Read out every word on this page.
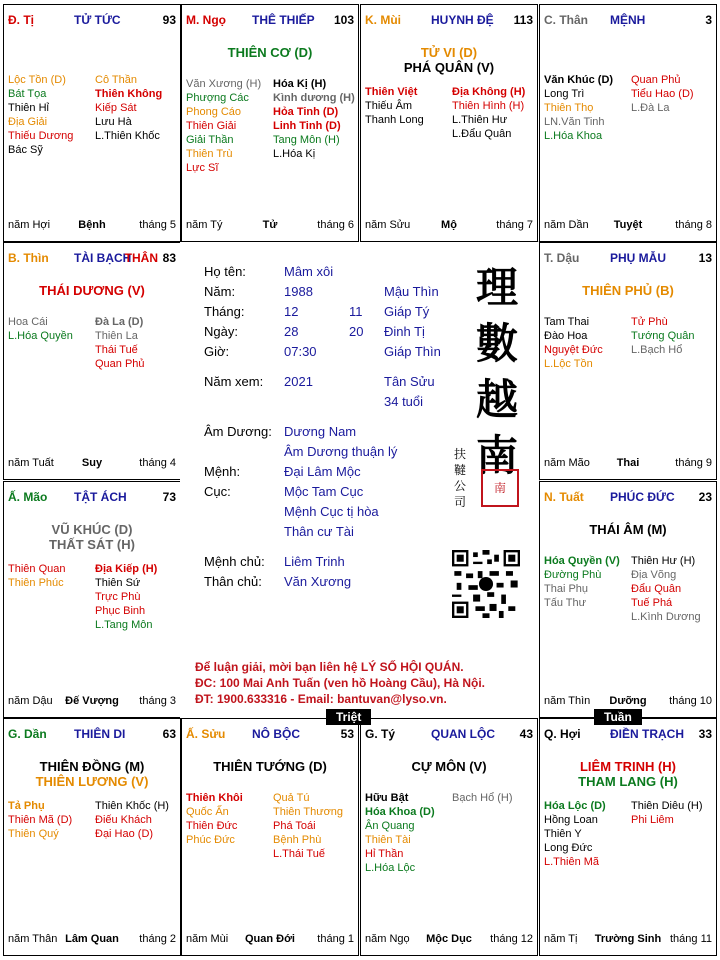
Đ. Tị	TỬ TỨC	93
Lộc Tồn (D)
Bát Tọa
Thiên Hỉ
Địa Giải
Thiếu Dương
Bác Sỹ
Cô Thần
Thiên Không
Kiếp Sát
Lưu Hà
L.Thiên Khốc
năm Hợi	Bệnh	tháng 5
M. Ngọ THÊ THIẾP 103
THIÊN CƠ (D)
Văn Xương (H)
Phượng Các
Phong Cáo
Thiên Giải
Giải Thần
Thiên Trù
Lực Sĩ
Hóa Kị (H)
Kình dương (H)
Hỏa Tinh (D)
Linh Tinh (D)
Tang Môn (H)
L.Hóa Kị
năm Tý	Tử	tháng 6
K. Mùi	HUYNH ĐỆ 113
TỬ VI (D)
PHÁ QUÂN (V)
Thiên Việt
Thiếu Âm
Thanh Long
Địa Không (H)
Thiên Hình (H)
L.Thiên Hư
L.Đẩu Quân
năm Sửu	Mộ	tháng 7
C. Thân MỆNH	3
Văn Khúc (D)
Long Trì
Thiên Thọ
LN.Văn Tinh
L.Hóa Khoa
Quan Phủ
Tiểu Hao (D)
L.Đà La
năm Dần	Tuyệt	tháng 8
T. Dậu	PHỤ MẪU	13
THIÊN PHỦ (B)
Tam Thai
Đào Hoa
Nguyệt Đức
L.Lộc Tồn
Tử Phù
Tướng Quân
L.Bạch Hổ
năm Mão	Thai	tháng 9
N. Tuất PHÚC ĐỨC 23
THÁI ÂM (M)
Hóa Quyền (V)
Đường Phù
Thai Phụ
Tấu Thư
Thiên Hư (H)
Địa Võng
Đẩu Quân
Tuế Phá
L.Kình Dương
năm Thìn	Dưỡng	tháng 10
Q. Hợi ĐIỀN TRẠCH 33
LIÊM TRINH (H)
THAM LANG (H)
Hóa Lộc (D)
Hồng Loan
Thiên Y
Long Đức
L.Thiên Mã
Thiên Diêu (H)
Phi Liêm
năm Tị	Trường Sinh tháng 11
G. Tý	QUAN LỘC 43
CỰ MÔN (V)
Hữu Bật
Hóa Khoa (D)
Ân Quang
Thiên Tài
Hỉ Thần
L.Hóa Lộc
Bạch Hổ (H)
năm Ngọ	Mộc Dục	tháng 12
Ấ. Sửu NÔ BỘC	53
THIÊN TƯỚNG (D)
Thiên Khôi
Quốc Ấn
Thiên Đức
Phúc Đức
Quả Tú
Thiên Thương
Phá Toái
Bệnh Phù
L.Thái Tuế
năm Mùi	Quan Đới	tháng 1
G. Dần THIÊN DI	63
THIÊN ĐỒNG (M)
THIÊN LƯƠNG (V)
Tả Phụ
Thiên Mã (D)
Thiên Quý
Thiên Khốc (H)
Điếu Khách
Đại Hao (D)
năm Thân Lâm Quan	tháng 2
Ấ. Mão TẬT ÁCH	73
VŨ KHÚC (D)
THẤT SÁT (H)
Thiên Quan
Thiên Phúc
Địa Kiếp (H)
Thiên Sứ
Trực Phù
Phục Binh
L.Tang Môn
năm Dậu	Đế Vượng	tháng 3
B. Thìn TÀI BẠCH
THÂN 83
THÁI DƯƠNG (V)
Hoa Cái
L.Hóa Quyền
Đà La (D)
Thiên La
Thái Tuế
Quan Phủ
năm Tuất	Suy	tháng 4
Họ tên:	Mâm xôi
Năm:	1988	Mậu Thìn
Tháng:	12	11 Giáp Tý
Ngày:	28	20 Đinh Tị
Giờ:	07:30	Giáp Thìn
Năm xem: 2021	Tân Sửu
34 tuổi
Âm Dương: Dương Nam
Âm Dương thuận lý
Mệnh:	Đại Lâm Mộc
Cục:	Mộc Tam Cục
Mệnh Cục tị hòa
Thân cư Tài
Mệnh chủ: Liêm Trinh
Thân chủ: Văn Xương
理
數
越
南
扶
韃
公
司
南
Để luận giải, mời bạn liên hệ LÝ SỐ HỘI QUÁN.
ĐC: 100 Mai Anh Tuấn (ven hồ Hoàng Cầu), Hà Nội.
ĐT: 1900.633316 - Email: bantuvan@lyso.vn.
Triệt	Tuần
